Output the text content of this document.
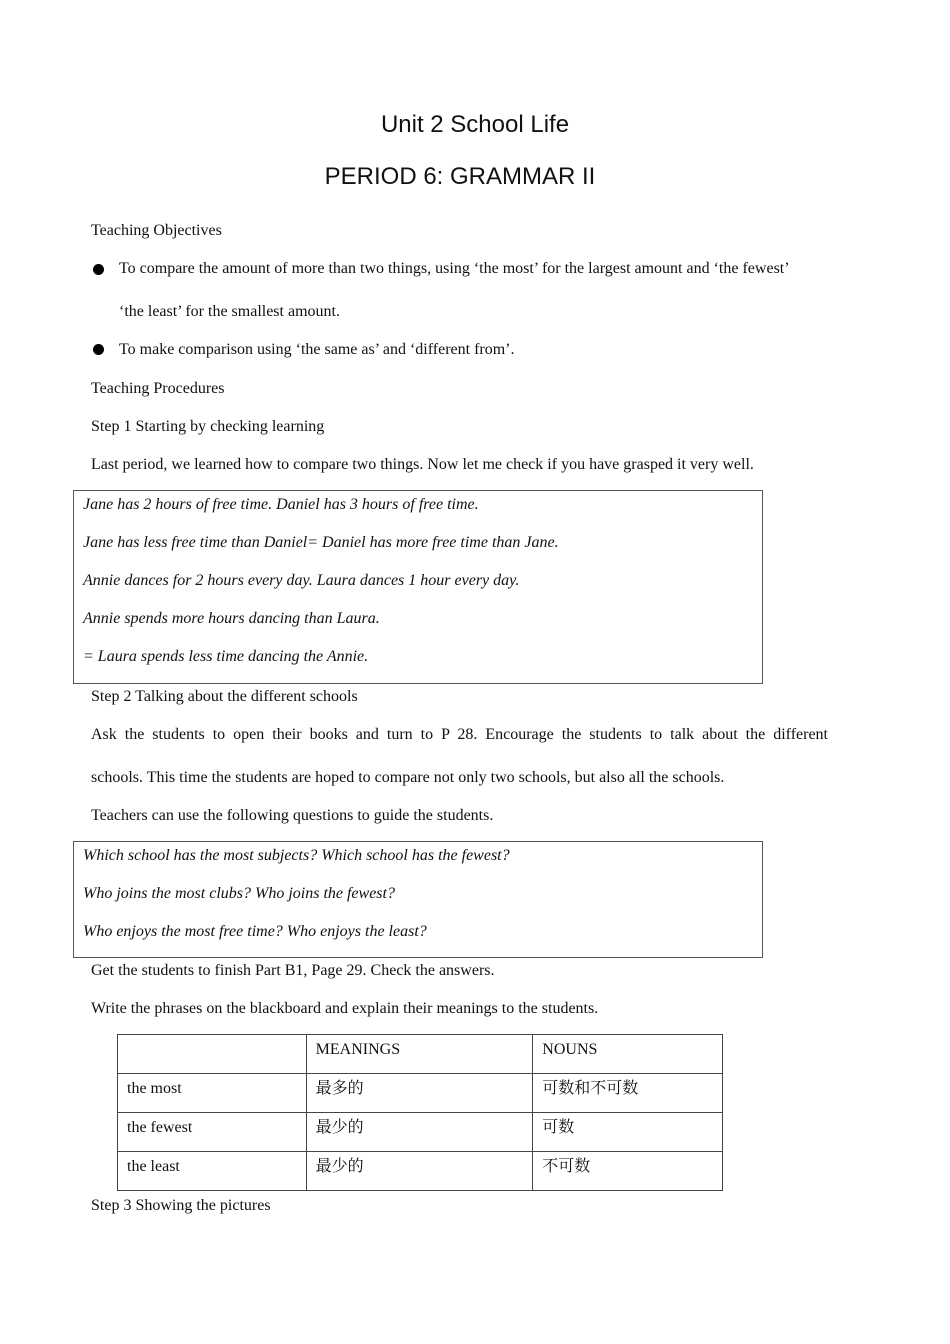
Unit 2 School Life
PERIOD 6: GRAMMAR II
Teaching Objectives
To compare the amount of more than two things, using ‘the most’ for the largest amount and ‘the fewest’
‘the least’ for the smallest amount.
To make comparison using ‘the same as’ and ‘different from’.
Teaching Procedures
Step 1 Starting by checking learning
Last period, we learned how to compare two things. Now let me check if you have grasped it very well.
Jane has 2 hours of free time. Daniel has 3 hours of free time.
Jane has less free time than Daniel= Daniel has more free time than Jane.
Annie dances for 2 hours every day. Laura dances 1 hour every day.
Annie spends more hours dancing than Laura.
= Laura spends less time dancing the Annie.
Step 2 Talking about the different schools
Ask the students to open their books and turn to P 28. Encourage the students to talk about the different
schools. This time the students are hoped to compare not only two schools, but also all the schools.
Teachers can use the following questions to guide the students.
Which school has the most subjects? Which school has the fewest?
Who joins the most clubs? Who joins the fewest?
Who enjoys the most free time? Who enjoys the least?
Get the students to finish Part B1, Page 29. Check the answers.
Write the phrases on the blackboard and explain their meanings to the students.
	MEANINGS	NOUNS
the most	最多的	可数和不可数
the fewest	最少的	可数
the least	最少的	不可数
Step 3 Showing the pictures
